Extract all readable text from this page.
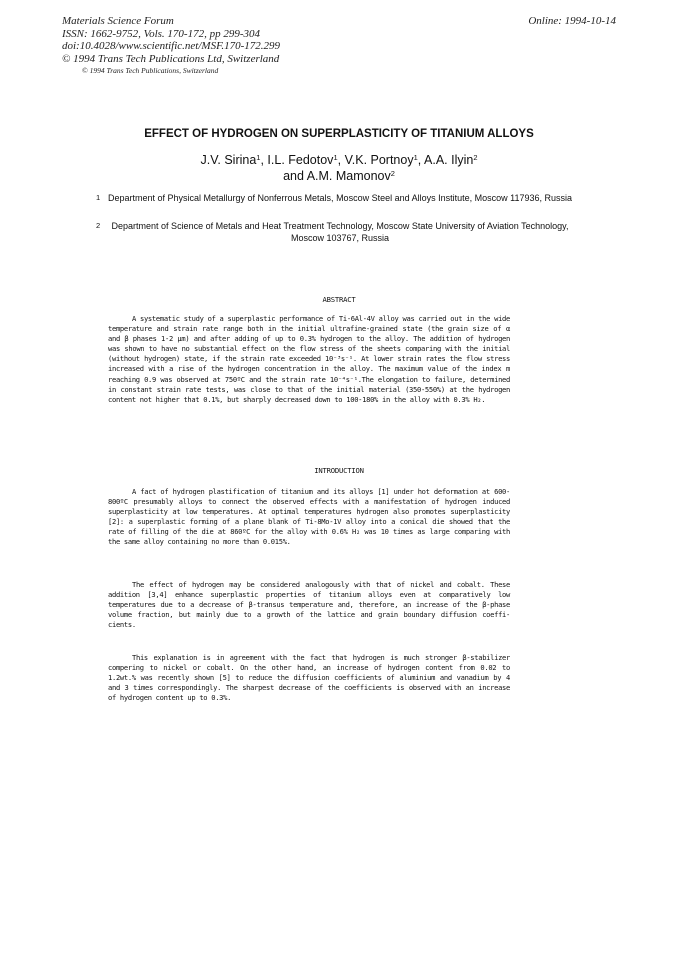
Materials Science Forum
ISSN: 1662-9752, Vols. 170-172, pp 299-304
doi:10.4028/www.scientific.net/MSF.170-172.299
© 1994 Trans Tech Publications Ltd, Switzerland
Online: 1994-10-14
© 1994 Trans Tech Publications, Switzerland
EFFECT OF HYDROGEN ON SUPERPLASTICITY OF TITANIUM ALLOYS
J.V. Sirina$^1$, I.L. Fedotov$^1$, V.K. Portnoy$^1$, A.A. Ilyin$^2$
and A.M. Mamonov$^2$
1 Department of Physical Metallurgy of Nonferrous Metals, Moscow Steel and Alloys Institute, Moscow 117936, Russia
2 Department of Science of Metals and Heat Treatment Technology, Moscow State University of Aviation Technology, Moscow 103767, Russia
ABSTRACT
A systematic study of a superplastic performance of Ti-6Al-4V alloy was carried out in the wide temperature and strain rate range both in the initial ultrafine-grained state (the grain size of α and β phases 1-2 µm) and after adding of up to 0.3% hydrogen to the alloy. The addition of hydrogen was shown to have no substantial effect on the flow stress of the sheets comparing with the initial (without hydrogen) state, if the strain rate exceeded 10⁻³s⁻¹. At lower strain rates the flow stress increased with a rise of the hydrogen concentration in the alloy. The maximum value of the index m reaching 0.9 was observed at 750ºC and the strain rate 10⁻⁴s⁻¹.The elongation to failure, determined in constant strain rate tests, was close to that of the initial material (350-550%) at the hydrogen content not higher that 0.1%, but sharply decreased down to 100-180% in the alloy with 0.3% H₂.
INTRODUCTION
A fact of hydrogen plastification of titanium and its alloys [1] under hot deformation at 600-800ºC presumably alloys to connect the observed effects with a manifestation of hydrogen induced superplasticity at low temperatures. At optimal temperatures hydrogen also promotes superplasticity [2]: a superplastic forming of a plane blank of Ti-8Mo-1V alloy into a conical die showed that the rate of filling of the die at 860ºC for the alloy with 0.6% H₂ was 10 times as large comparing with the same alloy containing no more than 0.015%.
The effect of hydrogen may be considered analogously with that of nickel and cobalt. These addition [3,4] enhance superplastic properties of titanium alloys even at comparatively low temperatures due to a decrease of β-transus temperature and, therefore, an increase of the β-phase volume fraction, but mainly due to a growth of the lattice and grain boundary diffusion coeffi- cients.
This explanation is in agreement with the fact that hydrogen is much stronger β-stabilizer compering to nickel or cobalt. On the other hand, an increase of hydrogen content from 0.02 to 1.2wt.% was recently shown [5] to reduce the diffusion coefficients of aluminium and vanadium by 4 and 3 times correspondingly. The sharpest decrease of the coefficients is observed with an increase of hydrogen content up to 0.3%.
